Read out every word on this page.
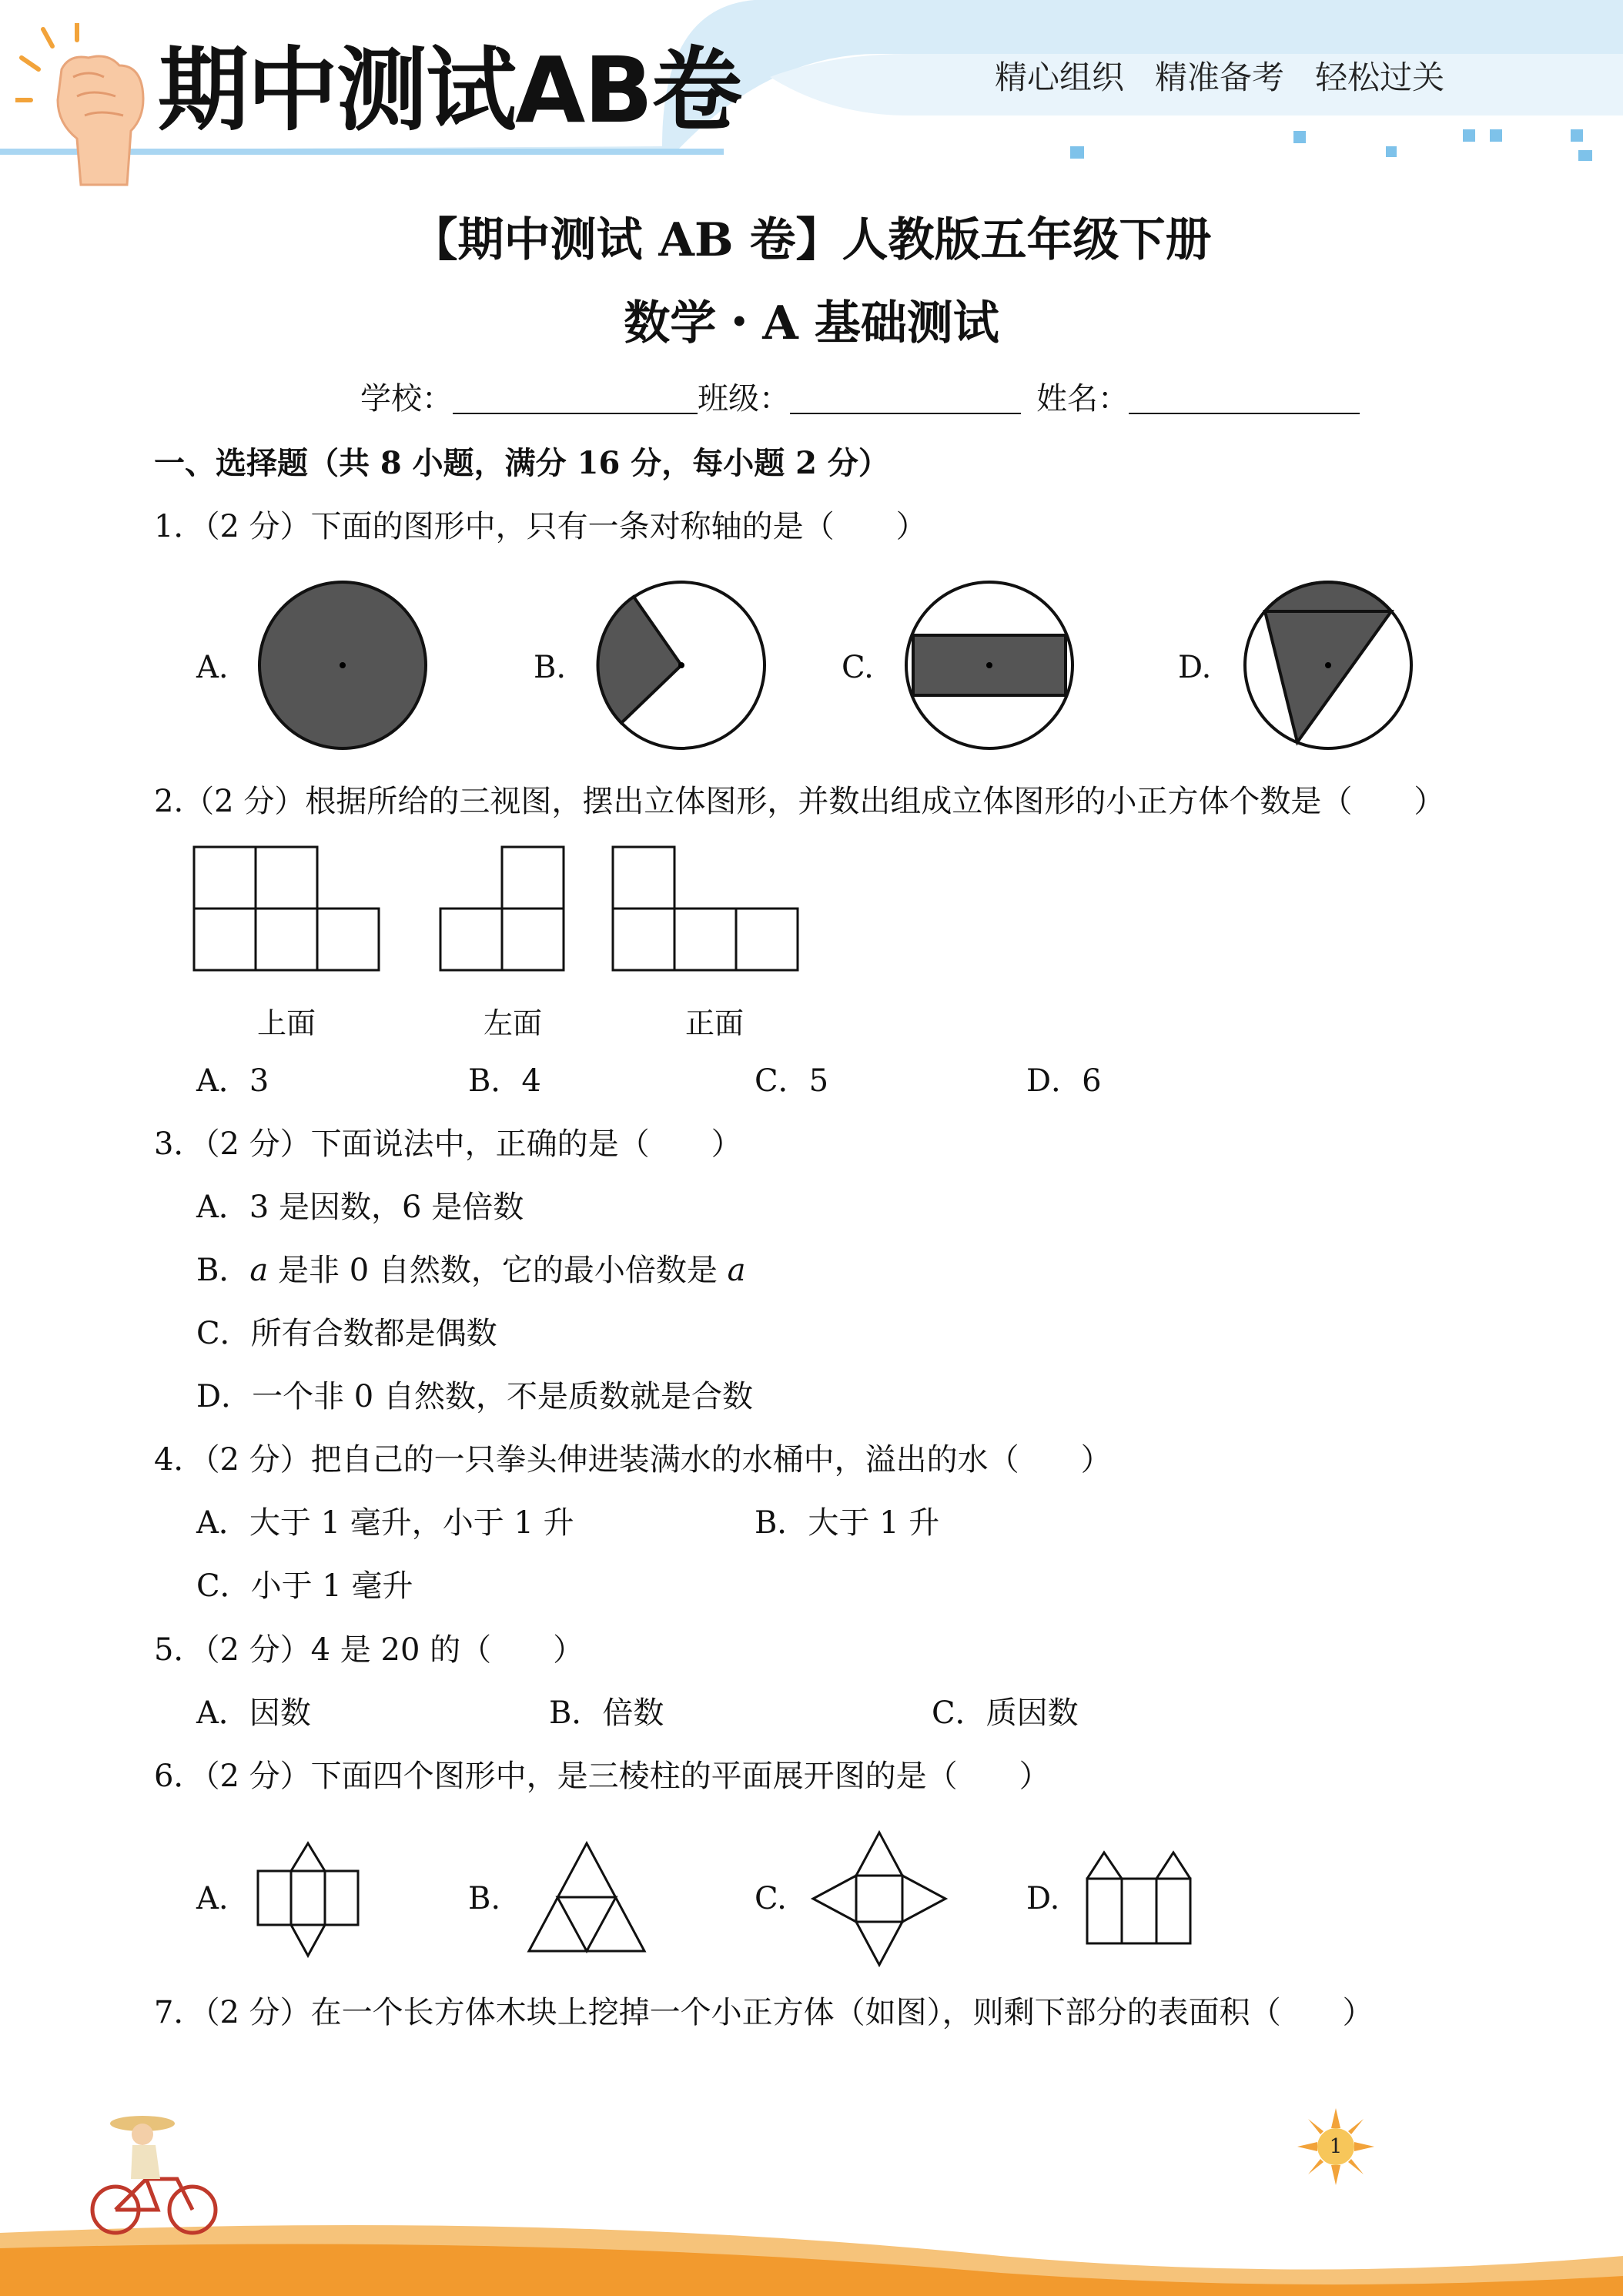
期中测试AB卷	精心组织   精准备考   轻松过关
【期中测试 AB 卷】人教版五年级下册
数学・A 基础测试
学校：	班级：	姓名：
一、选择题（共 8 小题，满分 16 分，每小题 2 分）
1．（2 分）下面的图形中，只有一条对称轴的是（　　）
A.	B.	C.	D.
2.（2 分）根据所给的三视图，摆出立体图形，并数出组成立体图形的小正方体个数是（　　）
上面	左面	正面
A．3	B．4	C．5	D．6
3．（2 分）下面说法中，正确的是（　　）
A．3 是因数，6 是倍数
B．a 是非 0 自然数，它的最小倍数是 a
C．所有合数都是偶数
D．一个非 0 自然数，不是质数就是合数
4．（2 分）把自己的一只拳头伸进装满水的水桶中，溢出的水（　　）
A．大于 1 毫升，小于 1 升	B．大于 1 升
C．小于 1 毫升
5．（2 分）4 是 20 的（　　）
A．因数	B．倍数	C．质因数
6．（2 分）下面四个图形中，是三棱柱的平面展开图的是（　　）
A.	B.	C.	D.
7．（2 分）在一个长方体木块上挖掉一个小正方体（如图），则剩下部分的表面积（　　）
1
